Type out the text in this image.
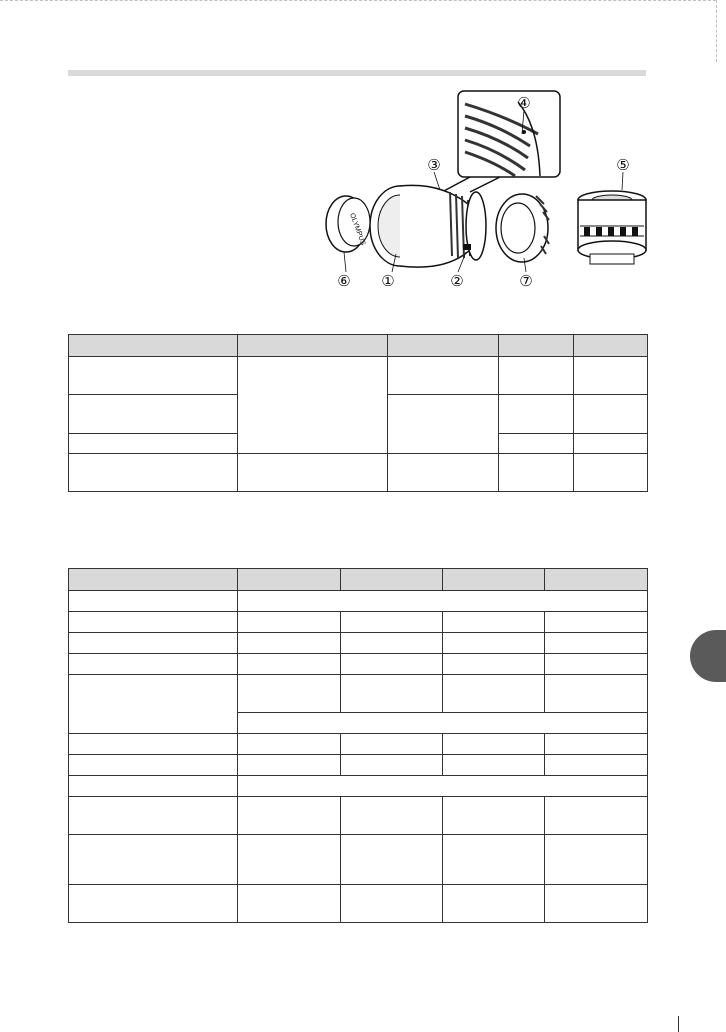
OLYMPUS
③
④
⑤
⑥ ①	②	⑦
